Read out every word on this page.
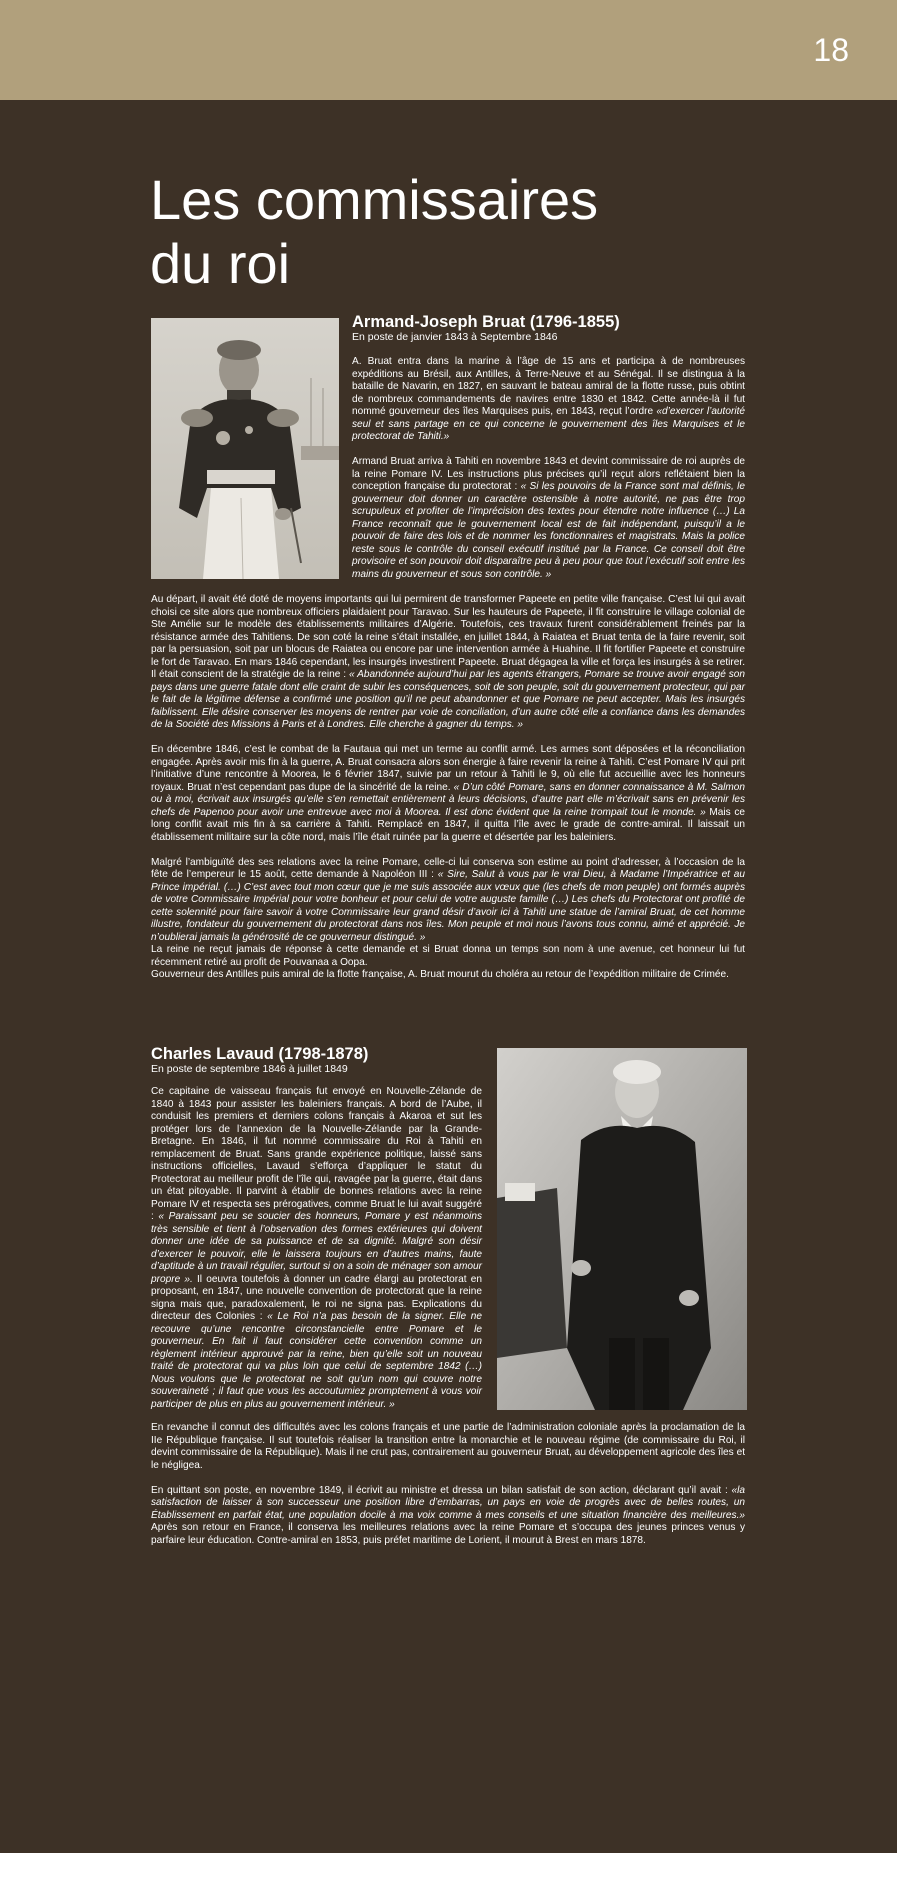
18
Les commissaires
du roi
Armand-Joseph Bruat (1796-1855)
En poste de janvier 1843 à Septembre 1846

A. Bruat entra dans la marine à l’âge de 15 ans et participa à de nombreuses expéditions au Brésil, aux Antilles, à Terre-Neuve et au Sénégal. Il se distingua à la bataille de Navarin, en 1827, en sauvant le bateau amiral de la flotte russe, puis obtint de nombreux commandements de navires entre 1830 et 1842. Cette année-là il fut nommé gouverneur des îles Marquises puis, en 1843, reçut l’ordre «d’exercer l’autorité seul et sans partage en ce qui concerne le gouvernement des îles Marquises et le protectorat de Tahiti.»

Armand Bruat arriva à Tahiti en novembre 1843 et devint commissaire de roi auprès de la reine Pomare IV. Les instructions plus précises qu’il reçut alors reflétaient bien la conception française du protectorat : « Si les pouvoirs de la France sont mal définis, le gouverneur doit donner un caractère ostensible à notre autorité, ne pas être trop scrupuleux et profiter de l’imprécision des textes pour étendre notre influence (…) La France reconnaît que le gouvernement local est de fait indépendant, puisqu’il a le pouvoir de faire des lois et de nommer les fonctionnaires et magistrats. Mais la police reste sous le contrôle du conseil exécutif institué par la France. Ce conseil doit être provisoire et son pouvoir doit disparaître peu à peu pour que tout l’exécutif soit entre les mains du gouverneur et sous son contrôle. »

Au départ, il avait été doté de moyens importants qui lui permirent de transformer Papeete en petite ville française. C’est lui qui avait choisi ce site alors que nombreux officiers plaidaient pour Taravao. Sur les hauteurs de Papeete, il fit construire le village colonial de Ste Amélie sur le modèle des établissements militaires d’Algérie. Toutefois, ces travaux furent considérablement freinés par la résistance armée des Tahitiens. De son coté la reine s’était installée, en juillet 1844, à Raiatea et Bruat tenta de la faire revenir, soit par la persuasion, soit par un blocus de Raiatea ou encore par une intervention armée à Huahine. Il fit fortifier Papeete et construire le fort de Taravao. En mars 1846 cependant, les insurgés investirent Papeete. Bruat dégagea la ville et força les insurgés à se retirer. Il était conscient de la stratégie de la reine : « Abandonnée aujourd’hui par les agents étrangers, Pomare se trouve avoir engagé son pays dans une guerre fatale dont elle craint de subir les conséquences, soit de son peuple, soit du gouvernement protecteur, qui par le fait de la légitime défense a confirmé une position qu’il ne peut abandonner et que Pomare ne peut accepter. Mais les insurgés faiblissent. Elle désire conserver les moyens de rentrer par voie de conciliation, d’un autre côté elle a confiance dans les demandes de la Société des Missions à Paris et à Londres. Elle cherche à gagner du temps. »

En décembre 1846, c’est le combat de la Fautaua qui met un terme au conflit armé. Les armes sont déposées et la réconciliation engagée. Après avoir mis fin à la guerre, A. Bruat consacra alors son énergie à faire revenir la reine à Tahiti. C’est Pomare IV qui prit l’initiative d’une rencontre à Moorea, le 6 février 1847, suivie par un retour à Tahiti le 9, où elle fut accueillie avec les honneurs royaux. Bruat n’est cependant pas dupe de la sincérité de la reine. « D’un côté Pomare, sans en donner connaissance à M. Salmon ou à moi, écrivait aux insurgés qu’elle s’en remettait entièrement à leurs décisions, d’autre part elle m’écrivait sans en prévenir les chefs de Papenoo pour avoir une entrevue avec moi à Moorea. Il est donc évident que la reine trompait tout le monde. » Mais ce long conflit avait mis fin à sa carrière à Tahiti. Remplacé en 1847, il quitta l’île avec le grade de contre-amiral. Il laissait un établissement militaire sur la côte nord, mais l’île était ruinée par la guerre et désertée par les baleiniers.

Malgré l’ambiguïté des ses relations avec la reine Pomare, celle-ci lui conserva son estime au point d’adresser, à l’occasion de la fête de l’empereur le 15 août, cette demande à Napoléon III : « Sire, Salut à vous par le vrai Dieu, à Madame l’Impératrice et au Prince impérial. (…) C’est avec tout mon cœur que je me suis associée aux vœux que (les chefs de mon peuple) ont formés auprès de votre Commissaire Impérial pour votre bonheur et pour celui de votre auguste famille (…) Les chefs du Protectorat ont profité de cette solennité pour faire savoir à votre Commissaire leur grand désir d’avoir ici à Tahiti une statue de l’amiral Bruat, de cet homme illustre, fondateur du gouvernement du protectorat dans nos îles. Mon peuple et moi nous l’avons tous connu, aimé et apprécié. Je n’oublierai jamais la générosité de ce gouverneur distingué. »
La reine ne reçut jamais de réponse à cette demande et si Bruat donna un temps son nom à une avenue, cet honneur lui fut récemment retiré au profit de Pouvanaa a Oopa.
Gouverneur des Antilles puis amiral de la flotte française, A. Bruat mourut du choléra au retour de l’expédition militaire de Crimée.

Charles Lavaud (1798-1878)
En poste de septembre 1846 à juillet 1849

Ce capitaine de vaisseau français fut envoyé en Nouvelle-Zélande de 1840 à 1843 pour assister les baleiniers français. A bord de l’Aube, il conduisit les premiers et derniers colons français à Akaroa et sut les protéger lors de l’annexion de la Nouvelle-Zélande par la Grande-Bretagne. En 1846, il fut nommé commissaire du Roi à Tahiti en remplacement de Bruat. Sans grande expérience politique, laissé sans instructions officielles, Lavaud s’efforça d’appliquer le statut du Protectorat au meilleur profit de l’île qui, ravagée par la guerre, était dans un état pitoyable. Il parvint à établir de bonnes relations avec la reine Pomare IV et respecta ses prérogatives, comme Bruat le lui avait suggéré : « Paraissant peu se soucier des honneurs, Pomare y est néanmoins très sensible et tient à l’observation des formes extérieures qui doivent donner une idée de sa puissance et de sa dignité. Malgré son désir d’exercer le pouvoir, elle le laissera toujours en d’autres mains, faute d’aptitude à un travail régulier, surtout si on a soin de ménager son amour propre ». Il oeuvra toutefois à donner un cadre élargi au protectorat en proposant, en 1847, une nouvelle convention de protectorat que la reine signa mais que, paradoxalement, le roi ne signa pas. Explications du directeur des Colonies : « Le Roi n’a pas besoin de la signer. Elle ne recouvre qu’une rencontre circonstancielle entre Pomare et le gouverneur. En fait il faut considérer cette convention comme un règlement intérieur approuvé par la reine, bien qu’elle soit un nouveau traité de protectorat qui va plus loin que celui de septembre 1842 (…) Nous voulons que le protectorat ne soit qu’un nom qui couvre notre souveraineté ; il faut que vous les accoutumiez promptement à vous voir participer de plus en plus au gouvernement intérieur. »

En revanche il connut des difficultés avec les colons français et une partie de l’administration coloniale après la proclamation de la IIe République française. Il sut toutefois réaliser la transition entre la monarchie et le nouveau régime (de commissaire du Roi, il devint commissaire de la République). Mais il ne crut pas, contrairement au gouverneur Bruat, au développement agricole des îles et le négligea.

En quittant son poste, en novembre 1849, il écrivit au ministre et dressa un bilan satisfait de son action, déclarant qu’il avait : «la satisfaction de laisser à son successeur une position libre d’embarras, un pays en voie de progrès avec de belles routes, un Établissement en parfait état, une population docile à ma voix comme à mes conseils et une situation financière des meilleures.» Après son retour en France, il conserva les meilleures relations avec la reine Pomare et s’occupa des jeunes princes venus y parfaire leur éducation. Contre-amiral en 1853, puis préfet maritime de Lorient, il mourut à Brest en mars 1878.
